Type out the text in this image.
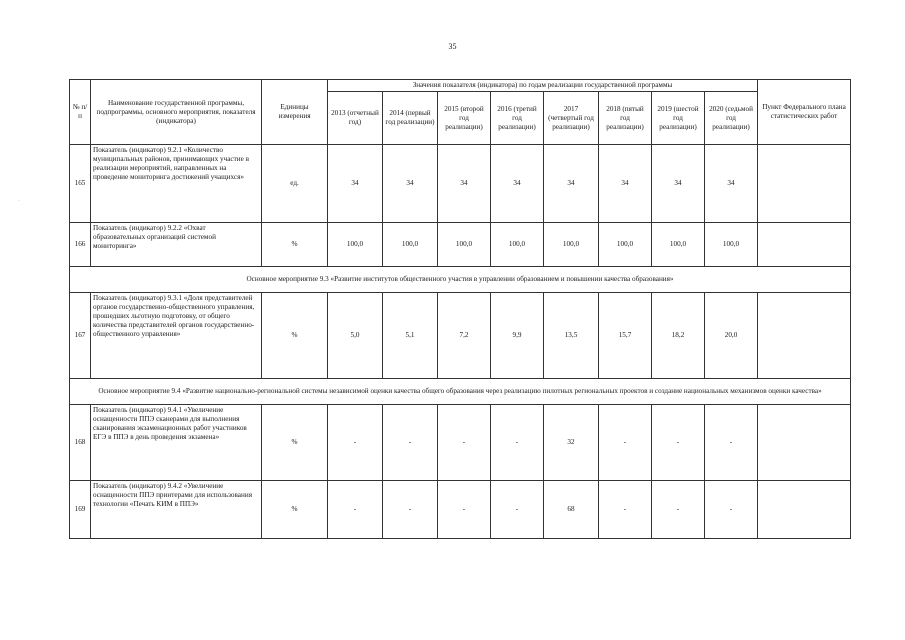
35
·
№ п/п	Наименование государственной программы, подпрограммы, основного мероприятия, показателя (индикатора)	Единицы измерения	Значения показателя (индикатора) по годам реализации государственной программы								Пункт Федерального плана статистических работ
			2013 (отчетный год)	2014 (первый год реализации)	2015 (второй год реализации)	2016 (третий год реализации)	2017 (четвертый год реализации)	2018 (пятый год реализации)	2019 (шестой год реализации)	2020 (седьмой год реализации)	
165	Показатель (индикатор) 9.2.1 «Количество муниципальных районов, принимающих участие в реализации мероприятий, направленных на проведение мониторинга достижений учащихся»	ед.	34	34	34	34	34	34	34	34	
166	Показатель (индикатор) 9.2.2 «Охват образовательных организаций системой мониторинга»	%	100,0	100,0	100,0	100,0	100,0	100,0	100,0	100,0	
Основное мероприятие 9.3 «Развитие институтов общественного участия в управлении образованием и повышении качества образования»											
167	Показатель (индикатор) 9.3.1 «Доля представителей органов государственно-общественного управления, прошедших льготную подготовку, от общего количества представителей органов государственно-общественного управления»	%	5,0	5,1	7,2	9,9	13,5	15,7	18,2	20,0	
Основное мероприятие 9.4 «Развитие национально-региональной системы независимой оценки качества общего образования через реализацию пилотных региональных проектов и создание национальных механизмов оценки качества»											
168	Показатель (индикатор) 9.4.1 «Увеличение оснащенности ППЭ сканерами для выполнения сканирования экзаменационных работ участников ЕГЭ в ППЭ в день проведения экзамена»	%	-	-	-	-	32	-	-	-	
169	Показатель (индикатор) 9.4.2 «Увеличение оснащенности ППЭ принтерами для использования технологии «Печать КИМ в ППЭ»	%	-	-	-	-	68	-	-	-	
